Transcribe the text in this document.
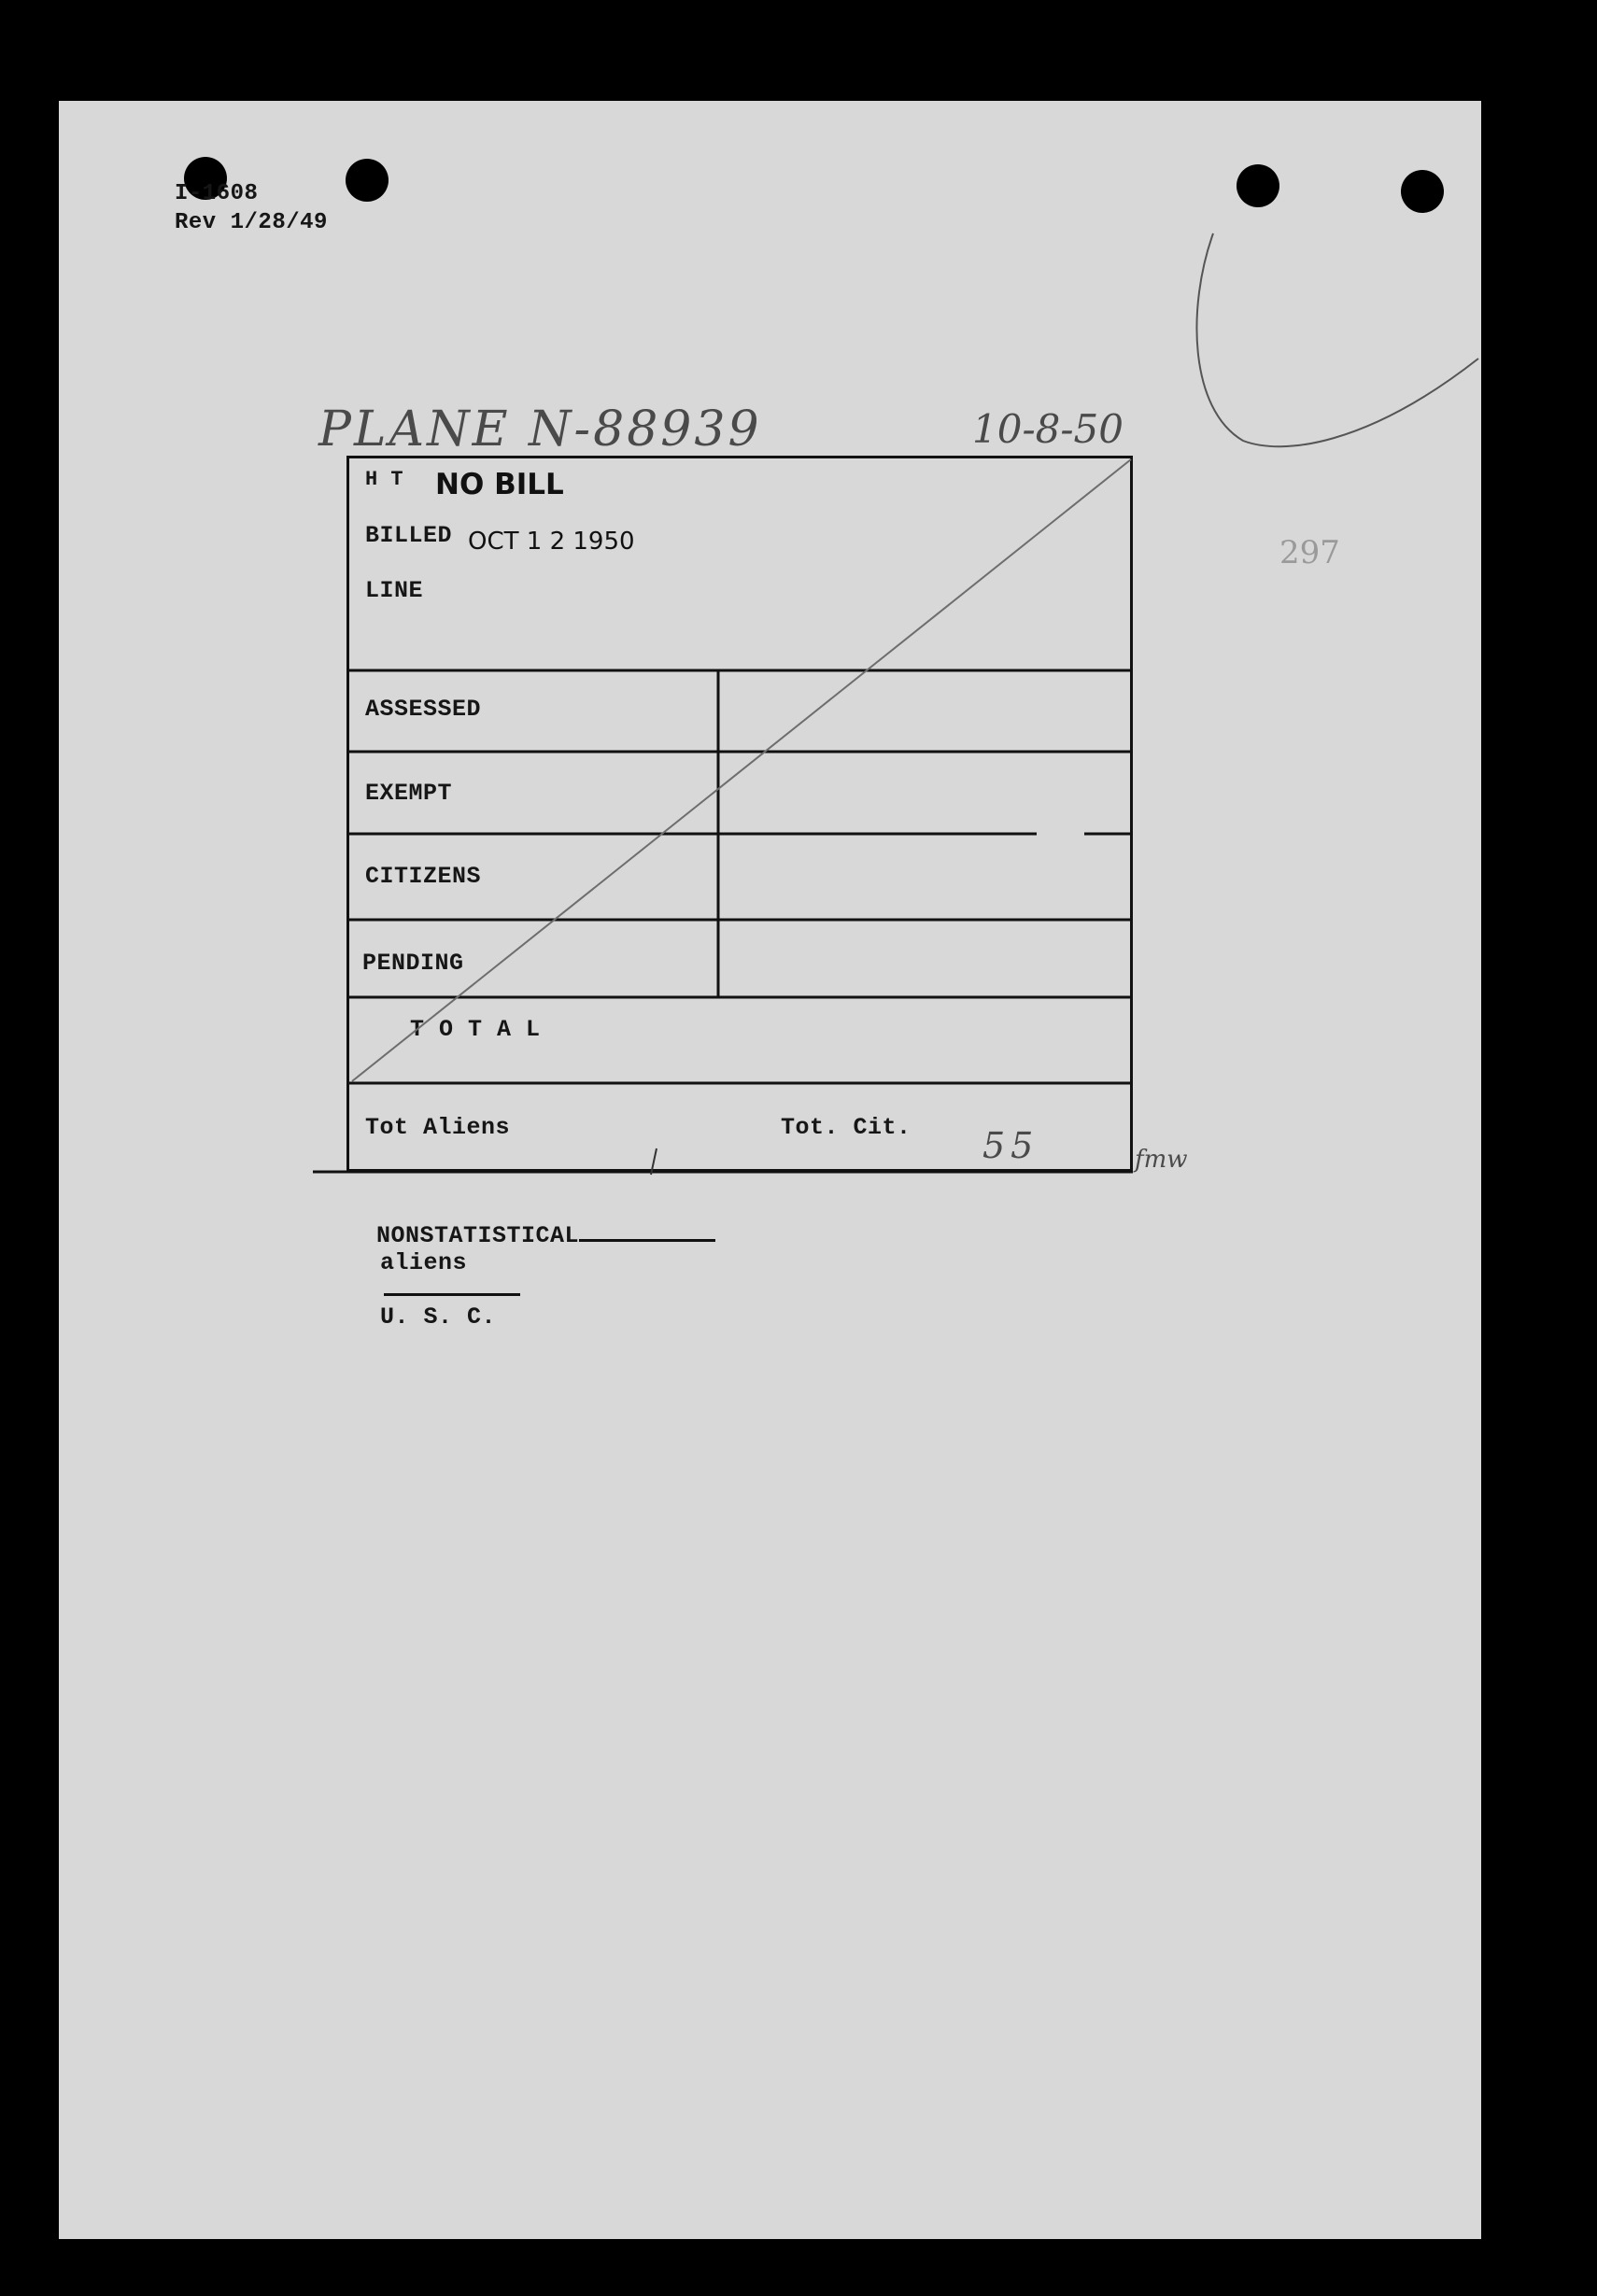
I-1608
Rev 1/28/49
297
PLANE N-88939	10-8-50
H T NO BILL
BILLED OCT 1 2 1950
LINE
ASSESSED
EXEMPT
CITIZENS
PENDING
T O T A L
Tot Aliens	Tot. Cit. 55	fmw

NONSTATISTICAL
aliens

U. S. C.
